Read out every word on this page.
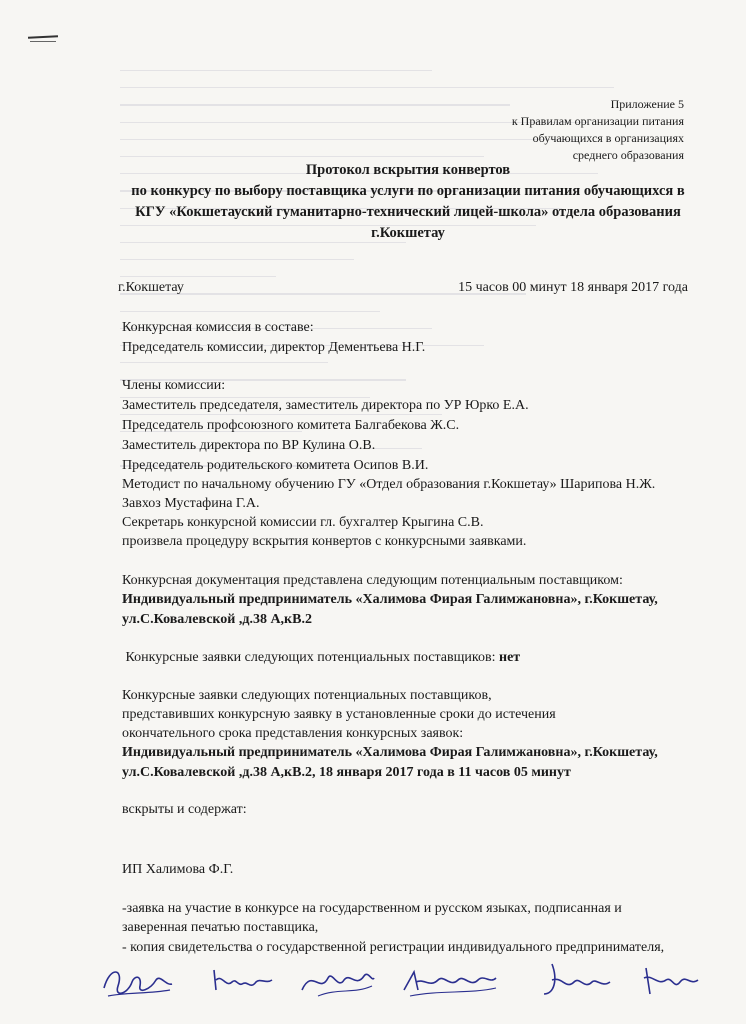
Приложение 5
к Правилам организации питания
обучающихся в организациях
среднего образования
Протокол вскрытия конвертов
по конкурсу по выбору поставщика услуги по организации питания обучающихся в
КГУ «Кокшетауский гуманитарно-технический лицей-школа» отдела образования
г.Кокшетау
г.Кокшетау	15 часов 00 минут 18 января 2017 года
Конкурсная комиссия в составе:
Председатель комиссии, директор Дементьева Н.Г.
Члены комиссии:
Заместитель председателя, заместитель директора по УР Юрко Е.А.
Председатель профсоюзного комитета Балгабекова Ж.С.
Заместитель директора по ВР Кулина О.В.
Председатель родительского комитета Осипов В.И.
Методист по начальному обучению ГУ «Отдел образования г.Кокшетау» Шарипова Н.Ж.
Завхоз Мустафина Г.А.
Секретарь конкурсной комиссии гл. бухгалтер Крыгина С.В.
произвела процедуру вскрытия конвертов с конкурсными заявками.
Конкурсная документация представлена следующим потенциальным поставщиком:
Индивидуальный предприниматель «Халимова Фирая Галимжановна», г.Кокшетау,
ул.С.Ковалевской ,д.38 А,кВ.2
Конкурсные заявки следующих потенциальных поставщиков: нет
Конкурсные заявки следующих потенциальных поставщиков,
представивших конкурсную заявку в установленные сроки до истечения
окончательного срока представления конкурсных заявок:
Индивидуальный предприниматель «Халимова Фирая Галимжановна», г.Кокшетау,
ул.С.Ковалевской ,д.38 А,кВ.2, 18 января 2017 года в 11 часов 05 минут
вскрыты и содержат:
ИП Халимова Ф.Г.
-заявка на участие в конкурсе на государственном и русском языках, подписанная и
заверенная печатью поставщика,
- копия свидетельства о государственной регистрации индивидуального предпринимателя,
